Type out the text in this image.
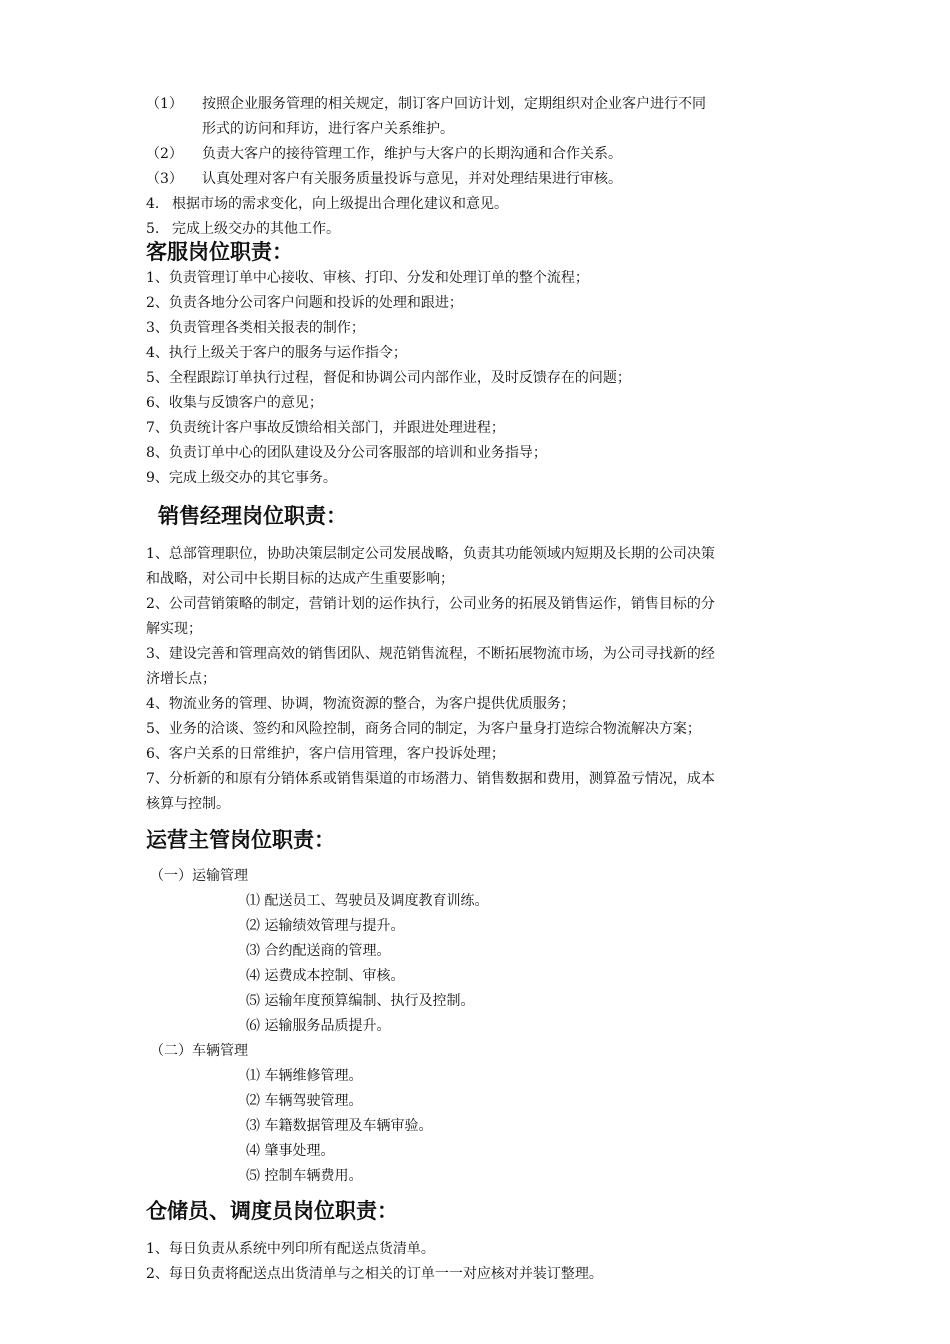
（1） 按照企业服务管理的相关规定，制订客户回访计划，定期组织对企业客户进行不同
形式的访问和拜访，进行客户关系维护。
（2） 负责大客户的接待管理工作，维护与大客户的长期沟通和合作关系。
（3） 认真处理对客户有关服务质量投诉与意见，并对处理结果进行审核。
4. 根据市场的需求变化，向上级提出合理化建议和意见。
5. 完成上级交办的其他工作。
客服岗位职责：
1、负责管理订单中心接收、审核、打印、分发和处理订单的整个流程；
2、负责各地分公司客户问题和投诉的处理和跟进；
3、负责管理各类相关报表的制作；
4、执行上级关于客户的服务与运作指令；
5、全程跟踪订单执行过程，督促和协调公司内部作业，及时反馈存在的问题；
6、收集与反馈客户的意见；
7、负责统计客户事故反馈给相关部门，并跟进处理进程；
8、负责订单中心的团队建设及分公司客服部的培训和业务指导；
9、完成上级交办的其它事务。
销售经理岗位职责：
1、总部管理职位，协助决策层制定公司发展战略，负责其功能领域内短期及长期的公司决策
和战略，对公司中长期目标的达成产生重要影响；
2、公司营销策略的制定，营销计划的运作执行，公司业务的拓展及销售运作，销售目标的分
解实现；
3、建设完善和管理高效的销售团队、规范销售流程，不断拓展物流市场，为公司寻找新的经
济增长点；
4、物流业务的管理、协调，物流资源的整合，为客户提供优质服务；
5、业务的洽谈、签约和风险控制，商务合同的制定，为客户量身打造综合物流解决方案；
6、客户关系的日常维护，客户信用管理，客户投诉处理；
7、分析新的和原有分销体系或销售渠道的市场潜力、销售数据和费用，测算盈亏情况，成本
核算与控制。
运营主管岗位职责：
（一）运输管理
⑴ 配送员工、驾驶员及调度教育训练。
⑵ 运输绩效管理与提升。
⑶ 合约配送商的管理。
⑷ 运费成本控制、审核。
⑸ 运输年度预算编制、执行及控制。
⑹ 运输服务品质提升。
（二）车辆管理
⑴ 车辆维修管理。
⑵ 车辆驾驶管理。
⑶ 车籍数据管理及车辆审验。
⑷ 肇事处理。
⑸ 控制车辆费用。
仓储员、调度员岗位职责：
1、每日负责从系统中列印所有配送点货清单。
2、每日负责将配送点出货清单与之相关的订单一一对应核对并装订整理。
